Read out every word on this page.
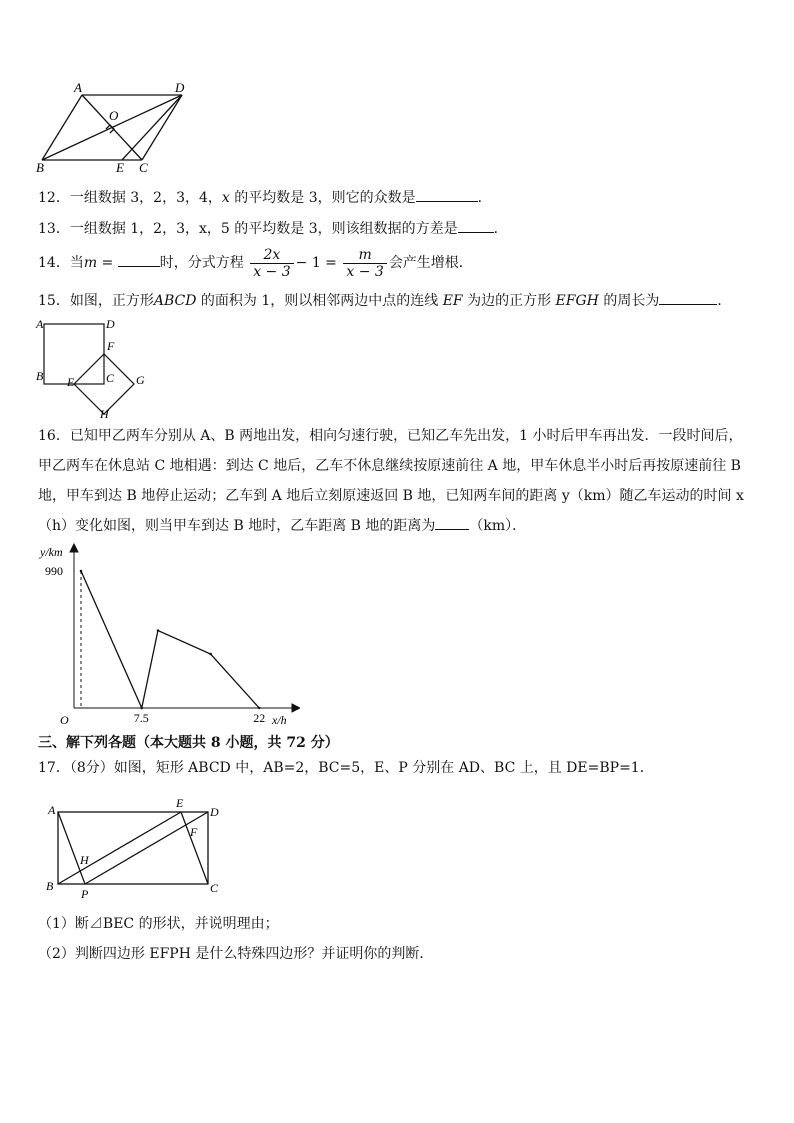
A	D
O
B	E C
12．一组数据 3，2，3，4，x 的平均数是 3，则它的众数是	．
13．一组数据 1，2，3，x，5 的平均数是 3，则该组数据的方差是	．
14．当m =	时，分式方程 $\frac{2x}{x - 3} - 1 = \frac{m}{x - 3}$ 会产生增根．
15．如图，正方形ABCD 的面积为 1，则以相邻两边中点的连线 EF 为边的正方形 EFGH 的周长为	．
A	D
F
B E	C G
H
16．已知甲乙两车分别从 A、B 两地出发，相向匀速行驶，已知乙车先出发，1 小时后甲车再出发．一段时间后，甲乙两车在休息站 C 地相遇：到达 C 地后，乙车不休息继续按原速前往 A 地，甲车休息半小时后再按原速前往 B 地，甲车到达 B 地停止运动；乙车到 A 地后立刻原速返回 B 地，已知两车间的距离 y（km）随乙车运动的时间 x（h）变化如图，则当甲车到达 B 地时，乙车距离 B 地的距离为 （km）．
y/km
x/h
O
990
7.5	22
三、解下列各题（本大题共 8 小题，共 72 分）
17．（8分）如图，矩形 ABCD 中，AB=2，BC=5，E、P 分别在 AD、BC 上，且 DE=BP=1．
A	E
D
F
H
B
P	C
（1）断⊿BEC 的形状，并说明理由；
（2）判断四边形 EFPH 是什么特殊四边形？并证明你的判断．
